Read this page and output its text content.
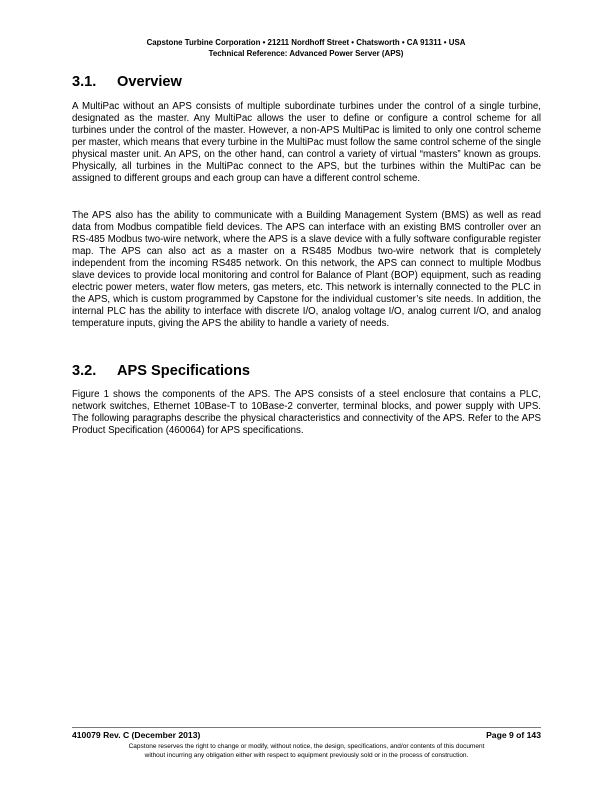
Capstone Turbine Corporation • 21211 Nordhoff Street • Chatsworth • CA 91311 • USA
Technical Reference: Advanced Power Server (APS)
3.1. Overview

A MultiPac without an APS consists of multiple subordinate turbines under the control of a single turbine, designated as the master. Any MultiPac allows the user to define or configure a control scheme for all turbines under the control of the master. However, a non-APS MultiPac is limited to only one control scheme per master, which means that every turbine in the MultiPac must follow the same control scheme of the single physical master unit. An APS, on the other hand, can control a variety of virtual “masters” known as groups. Physically, all turbines in the MultiPac connect to the APS, but the turbines within the MultiPac can be assigned to different groups and each group can have a different control scheme.

The APS also has the ability to communicate with a Building Management System (BMS) as well as read data from Modbus compatible field devices. The APS can interface with an existing BMS controller over an RS-485 Modbus two-wire network, where the APS is a slave device with a fully software configurable register map. The APS can also act as a master on a RS485 Modbus two-wire network that is completely independent from the incoming RS485 network. On this network, the APS can connect to multiple Modbus slave devices to provide local monitoring and control for Balance of Plant (BOP) equipment, such as reading electric power meters, water flow meters, gas meters, etc. This network is internally connected to the PLC in the APS, which is custom programmed by Capstone for the individual customer’s site needs. In addition, the internal PLC has the ability to interface with discrete I/O, analog voltage I/O, analog current I/O, and analog temperature inputs, giving the APS the ability to handle a variety of needs.

3.2. APS Specifications

Figure 1 shows the components of the APS. The APS consists of a steel enclosure that contains a PLC, network switches, Ethernet 10Base-T to 10Base-2 converter, terminal blocks, and power supply with UPS. The following paragraphs describe the physical characteristics and connectivity of the APS. Refer to the APS Product Specification (460064) for APS specifications.

410079 Rev. C (December 2013)	Page 9 of 143
Capstone reserves the right to change or modify, without notice, the design, specifications, and/or contents of this document
without incurring any obligation either with respect to equipment previously sold or in the process of construction.
